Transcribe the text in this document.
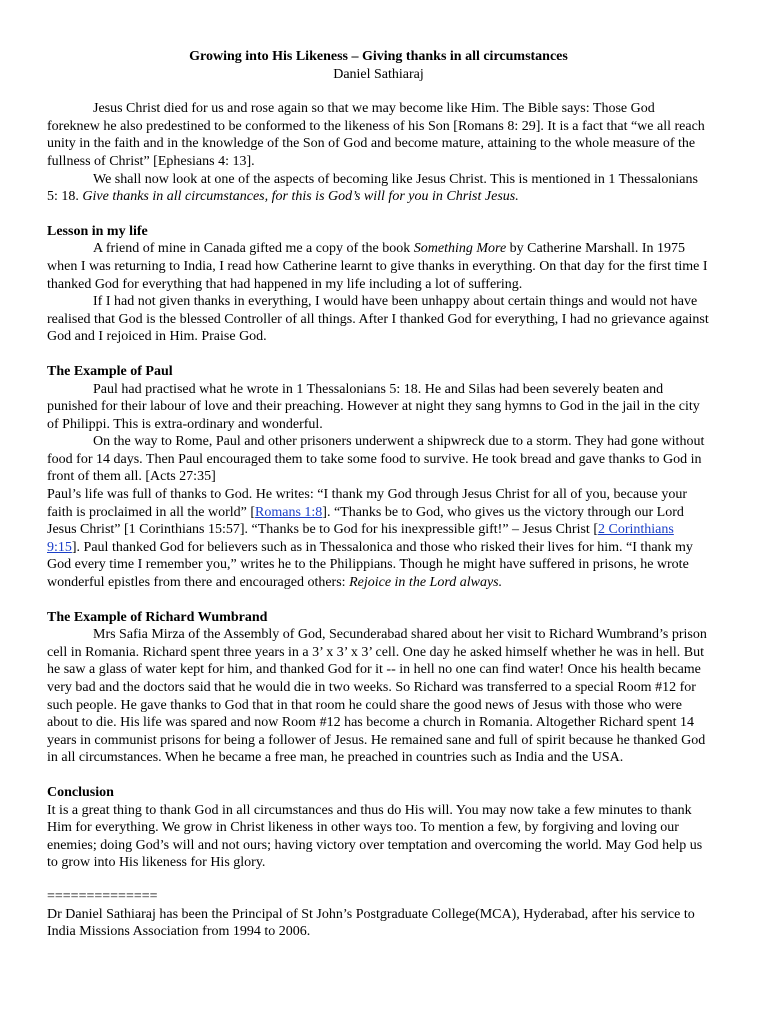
Growing into His Likeness – Giving thanks in all circumstances

Daniel Sathiaraj

Jesus Christ died for us and rose again so that we may become like Him. The Bible says: Those God foreknew he also predestined to be conformed to the likeness of his Son [Romans 8: 29]. It is a fact that “we all reach unity in the faith and in the knowledge of the Son of God and become mature, attaining to the whole measure of the fullness of Christ” [Ephesians 4: 13].

We shall now look at one of the aspects of becoming like Jesus Christ. This is mentioned in 1 Thessalonians 5: 18. Give thanks in all circumstances, for this is God’s will for you in Christ Jesus.

Lesson in my life

A friend of mine in Canada gifted me a copy of the book Something More by Catherine Marshall. In 1975 when I was returning to India, I read how Catherine learnt to give thanks in everything. On that day for the first time I thanked God for everything that had happened in my life including a lot of suffering.

If I had not given thanks in everything, I would have been unhappy about certain things and would not have realised that God is the blessed Controller of all things. After I thanked God for everything, I had no grievance against God and I rejoiced in Him. Praise God.

The Example of Paul

Paul had practised what he wrote in 1 Thessalonians 5: 18. He and Silas had been severely beaten and punished for their labour of love and their preaching. However at night they sang hymns to God in the jail in the city of Philippi. This is extra-ordinary and wonderful.

On the way to Rome, Paul and other prisoners underwent a shipwreck due to a storm. They had gone without food for 14 days. Then Paul encouraged them to take some food to survive. He took bread and gave thanks to God in front of them all. [Acts 27:35]

Paul’s life was full of thanks to God. He writes: “I thank my God through Jesus Christ for all of you, because your faith is proclaimed in all the world” [Romans 1:8]. “Thanks be to God, who gives us the victory through our Lord Jesus Christ” [1 Corinthians 15:57]. “Thanks be to God for his inexpressible gift!” – Jesus Christ [2 Corinthians 9:15]. Paul thanked God for believers such as in Thessalonica and those who risked their lives for him. “I thank my God every time I remember you,” writes he to the Philippians. Though he might have suffered in prisons, he wrote wonderful epistles from there and encouraged others: Rejoice in the Lord always.

The Example of Richard Wumbrand

Mrs Safia Mirza of the Assembly of God, Secunderabad shared about her visit to Richard Wumbrand’s prison cell in Romania. Richard spent three years in a 3’ x 3’ x 3’ cell. One day he asked himself whether he was in hell. But he saw a glass of water kept for him, and thanked God for it -- in hell no one can find water! Once his health became very bad and the doctors said that he would die in two weeks. So Richard was transferred to a special Room #12 for such people. He gave thanks to God that in that room he could share the good news of Jesus with those who were about to die. His life was spared and now Room #12 has become a church in Romania. Altogether Richard spent 14 years in communist prisons for being a follower of Jesus. He remained sane and full of spirit because he thanked God in all circumstances. When he became a free man, he preached in countries such as India and the USA.

Conclusion

It is a great thing to thank God in all circumstances and thus do His will. You may now take a few minutes to thank Him for everything. We grow in Christ likeness in other ways too. To mention a few, by forgiving and loving our enemies; doing God’s will and not ours; having victory over temptation and overcoming the world. May God help us to grow into His likeness for His glory.

==============

Dr Daniel Sathiaraj has been the Principal of St John’s Postgraduate College(MCA), Hyderabad, after his service to India Missions Association from 1994 to 2006.
